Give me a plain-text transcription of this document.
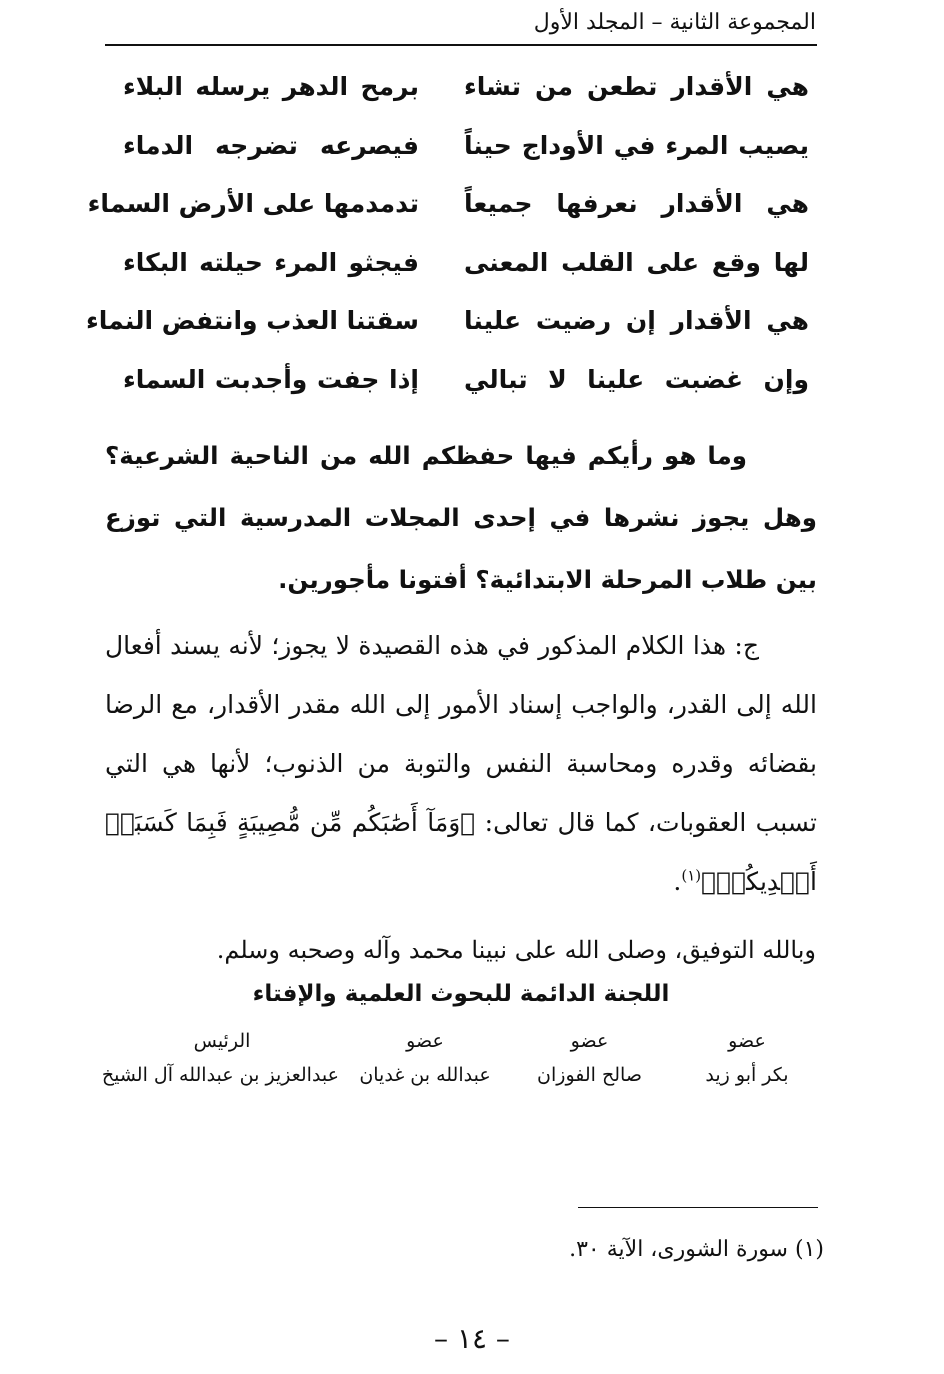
المجموعة الثانية – المجلد الأول
هي الأقدار تطعن من تشاء
برمح الدهر يرسله البلاء
يصيب المرء في الأوداج حيناً
فيصرعه تضرجه الدماء
هي الأقدار نعرفها جميعاً
تدمدمها على الأرض السماء
لها وقع على القلب المعنى
فيجثو المرء حيلته البكاء
هي الأقدار إن رضيت علينا
سقتنا العذب وانتفض النماء
وإن غضبت علينا لا تبالي
إذا جفت وأجدبت السماء

وما هو رأيكم فيها حفظكم الله من الناحية الشرعية؟ وهل يجوز نشرها في إحدى المجلات المدرسية التي توزع بين طلاب المرحلة الابتدائية؟ أفتونا مأجورين.

ج: هذا الكلام المذكور في هذه القصيدة لا يجوز؛ لأنه يسند أفعال الله إلى القدر، والواجب إسناد الأمور إلى الله مقدر الأقدار، مع الرضا بقضائه وقدره ومحاسبة النفس والتوبة من الذنوب؛ لأنها هي التي تسبب العقوبات، كما قال تعالى: ﴿وَمَآ أَصَٰبَكُم مِّن مُّصِيبَةٍ فَبِمَا كَسَبَتۡ أَيۡدِيكُمۡ﴾$^{(١)}$.

وبالله التوفيق، وصلى الله على نبينا محمد وآله وصحبه وسلم.
اللجنة الدائمة للبحوث العلمية والإفتاء
عضو
بكر أبو زيد
عضو
صالح الفوزان
عضو
عبدالله بن غديان
الرئيس
عبدالعزيز بن عبدالله آل الشيخ
(١) سورة الشورى، الآية ٣٠.
– ١٤ –
